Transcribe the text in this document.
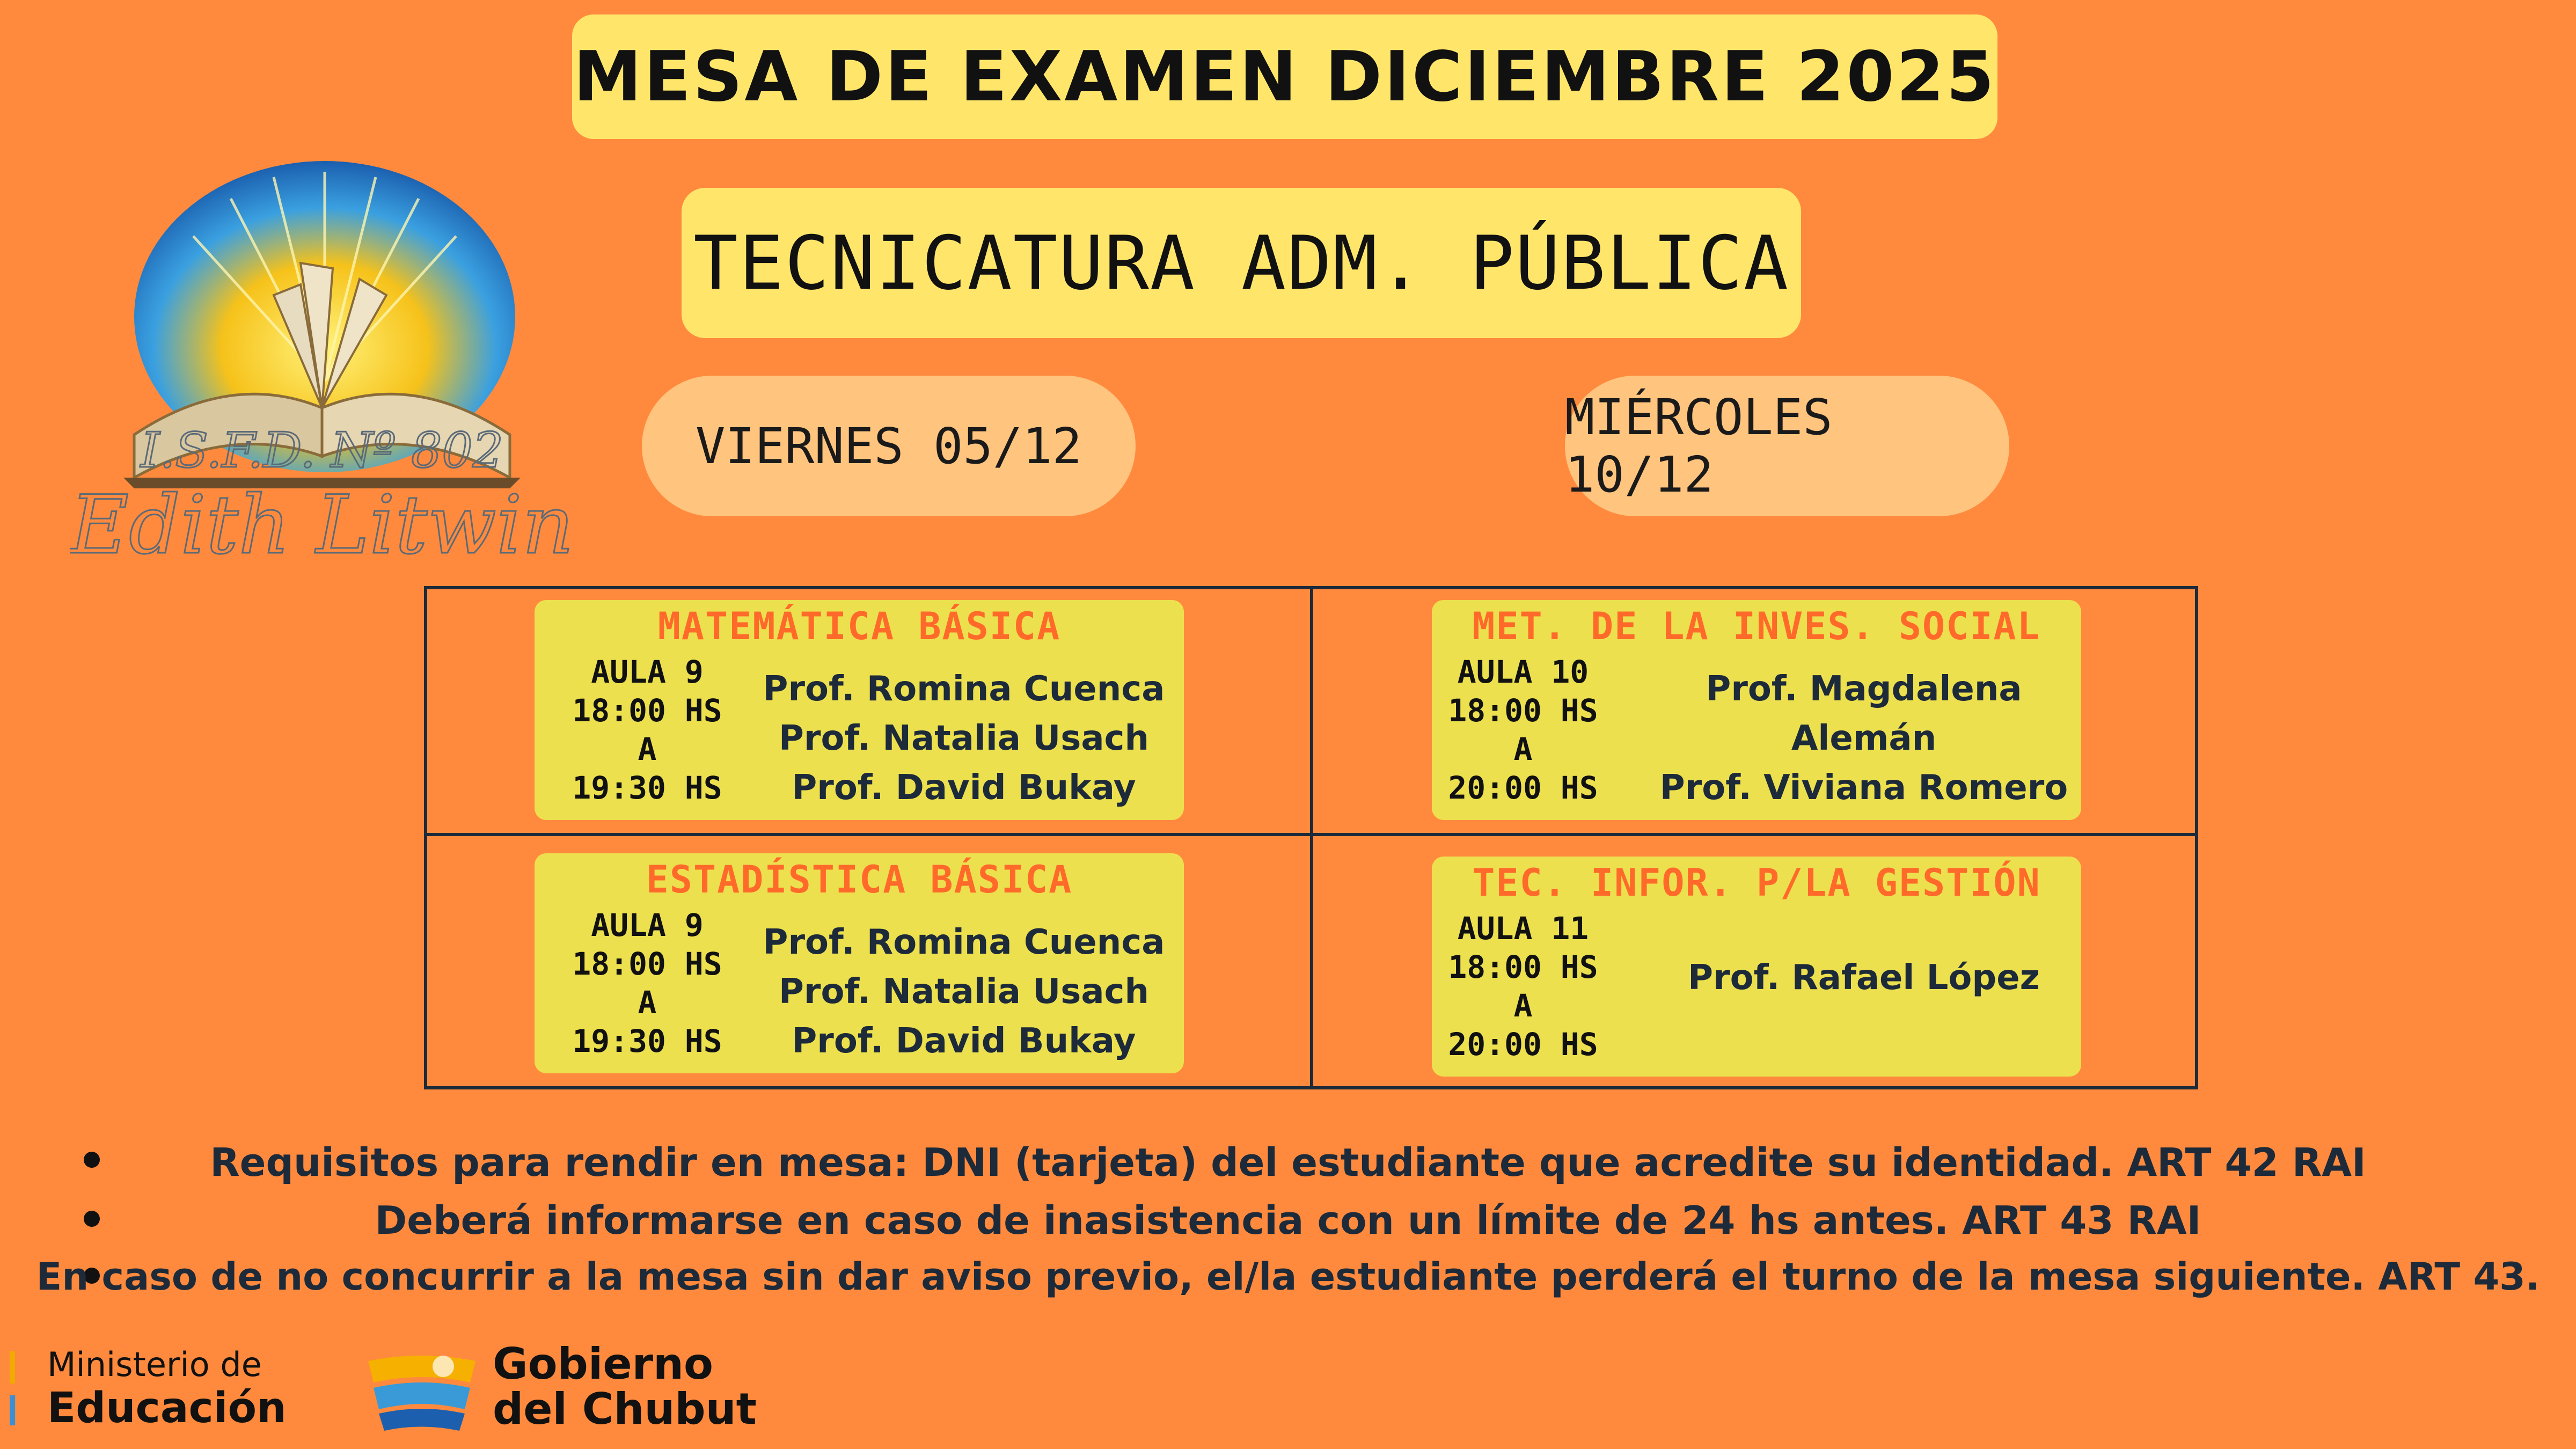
I.S.F.D. Nº 802
Edith Litwin
MESA DE EXAMEN DICIEMBRE 2025
TECNICATURA ADM. PÚBLICA
VIERNES 05/12	MIÉRCOLES 10/12
MATEMÁTICA BÁSICA
AULA 9
18:00 HS
A
19:30 HS
Prof. Romina Cuenca
Prof. Natalia Usach
Prof. David Bukay
MET. DE LA INVES. SOCIAL
AULA 10
18:00 HS
A
20:00 HS
Prof. Magdalena Alemán
Prof. Viviana Romero
ESTADÍSTICA BÁSICA
AULA 9
18:00 HS
A
19:30 HS
Prof. Romina Cuenca
Prof. Natalia Usach
Prof. David Bukay
TEC. INFOR. P/LA GESTIÓN
AULA 11
18:00 HS
A
20:00 HS
Prof. Rafael López
Requisitos para rendir en mesa: DNI (tarjeta) del estudiante que acredite su identidad. ART 42 RAI
Deberá informarse en caso de inasistencia con un límite de 24 hs antes. ART 43 RAI
En caso de no concurrir a la mesa sin dar aviso previo, el/la estudiante perderá el turno de la mesa siguiente. ART 43.
Ministerio de
Educación
Gobierno
del Chubut
